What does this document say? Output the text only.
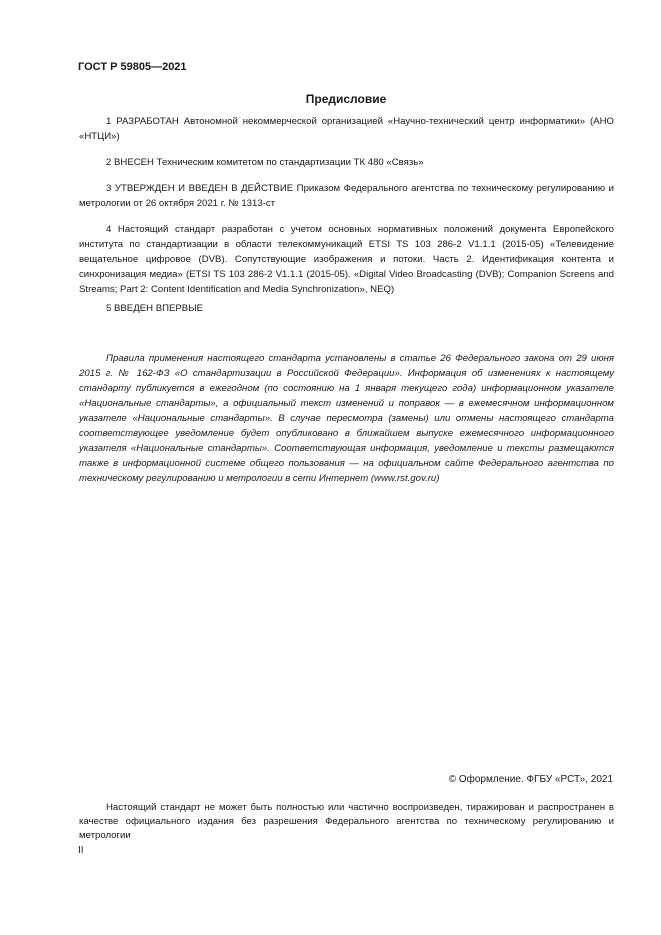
ГОСТ Р 59805—2021
Предисловие

1 РАЗРАБОТАН Автономной некоммерческой организацией «Научно-технический центр информатики» (АНО «НТЦИ»)

2 ВНЕСЕН Техническим комитетом по стандартизации ТК 480 «Связь»

3 УТВЕРЖДЕН И ВВЕДЕН В ДЕЙСТВИЕ Приказом Федерального агентства по техническому регулированию и метрологии от 26 октября 2021 г. № 1313-ст

4 Настоящий стандарт разработан с учетом основных нормативных положений документа Европейского института по стандартизации в области телекоммуникаций ETSI TS 103 286-2 V1.1.1 (2015-05) «Телевидение вещательное цифровое (DVB). Сопутствующие изображения и потоки. Часть 2. Идентификация контента и синхронизация медиа» (ETSI TS 103 286-2 V1.1.1 (2015-05). «Digital Video Broadcasting (DVB); Companion Screens and Streams; Part 2: Content Identification and Media Synchronization», NEQ)

5 ВВЕДЕН ВПЕРВЫЕ

Правила применения настоящего стандарта установлены в статье 26 Федерального закона от 29 июня 2015 г. № 162-ФЗ «О стандартизации в Российской Федерации». Информация об изменениях к настоящему стандарту публикуется в ежегодном (по состоянию на 1 января текущего года) информационном указателе «Национальные стандарты», а официальный текст изменений и поправок — в ежемесячном информационном указателе «Национальные стандарты». В случае пересмотра (замены) или отмены настоящего стандарта соответствующее уведомление будет опубликовано в ближайшем выпуске ежемесячного информационного указателя «Национальные стандарты». Соответствующая информация, уведомление и тексты размещаются также в информационной системе общего пользования — на официальном сайте Федерального агентства по техническому регулированию и метрологии в сети Интернет (www.rst.gov.ru)

© Оформление. ФГБУ «РСТ», 2021

Настоящий стандарт не может быть полностью или частично воспроизведен, тиражирован и распространен в качестве официального издания без разрешения Федерального агентства по техническому регулированию и метрологии

II
